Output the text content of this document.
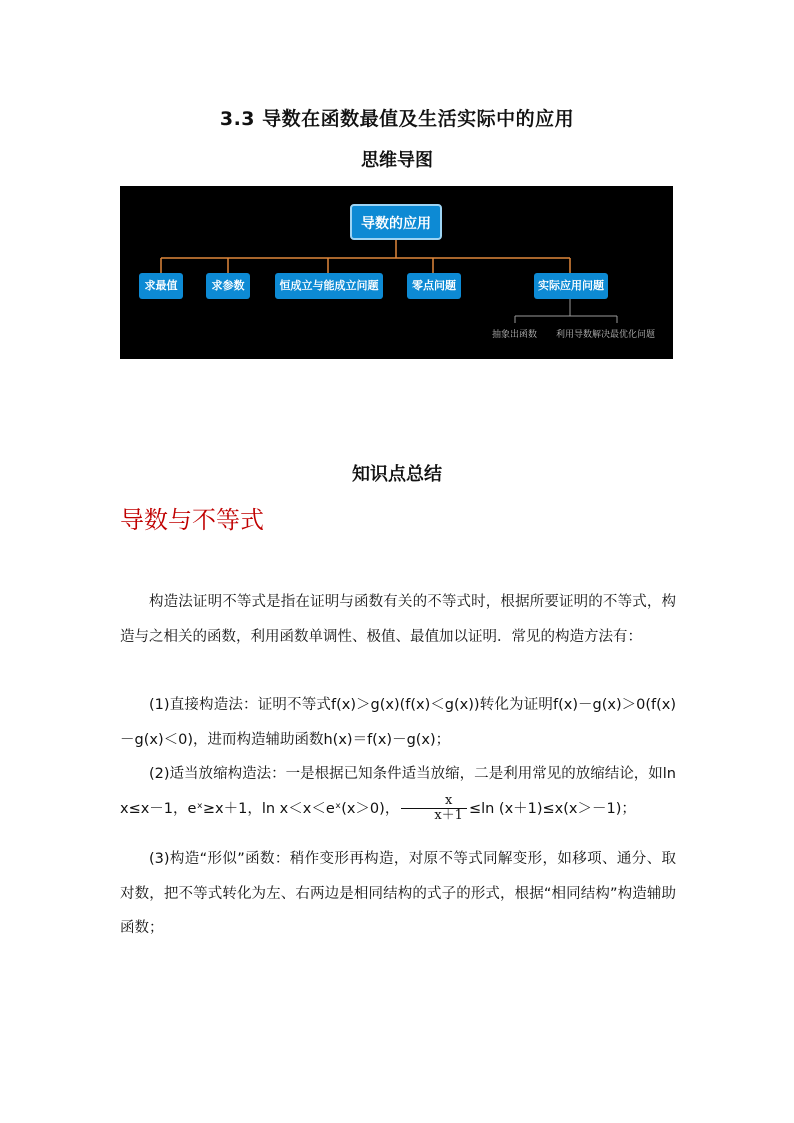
3.3 导数在函数最值及生活实际中的应用
思维导图
导数的应用
求最值	求参数	恒成立与能成立问题	零点问题	实际应用问题
抽象出函数 利用导数解决最优化问题
知识点总结
导数与不等式
构造法证明不等式是指在证明与函数有关的不等式时，根据所要证明的不等式，构造与之相关的函数，利用函数单调性、极值、最值加以证明．常见的构造方法有：
(1)直接构造法：证明不等式f(x)＞g(x)(f(x)＜g(x))转化为证明f(x)－g(x)＞0(f(x)－g(x)＜0)，进而构造辅助函数h(x)＝f(x)－g(x)；
(2)适当放缩构造法：一是根据已知条件适当放缩，二是利用常见的放缩结论，如ln x≤x－1，eˣ≥x＋1，ln x＜x＜eˣ(x＞0)， $\frac{x}{x+1} \le\ln$ (x＋1)≤x(x＞－1)；
(3)构造“形似”函数：稍作变形再构造，对原不等式同解变形，如移项、通分、取对数，把不等式转化为左、右两边是相同结构的式子的形式，根据“相同结构”构造辅助函数；
